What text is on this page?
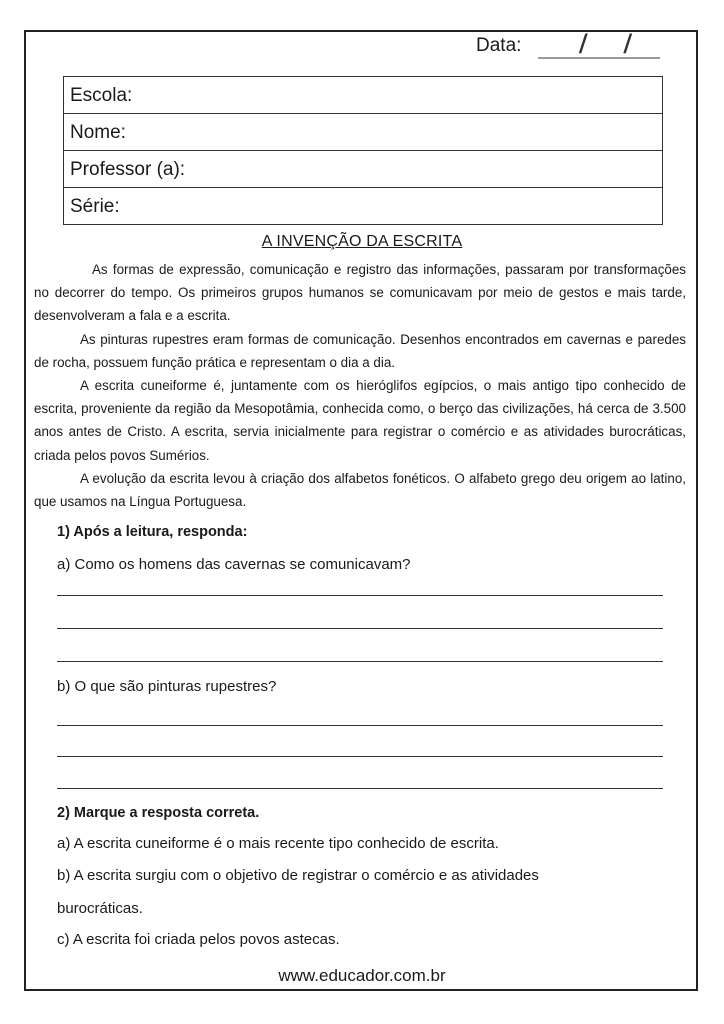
Data: / /
Escola:
Nome:
Professor (a):
Série:
A INVENÇÃO DA ESCRITA

As formas de expressão, comunicação e registro das informações, passaram por transformações no decorrer do tempo. Os primeiros grupos humanos se comunicavam por meio de gestos e mais tarde, desenvolveram a fala e a escrita.

As pinturas rupestres eram formas de comunicação. Desenhos encontrados em cavernas e paredes de rocha, possuem função prática e representam o dia a dia.

A escrita cuneiforme é, juntamente com os hieróglifos egípcios, o mais antigo tipo conhecido de escrita, proveniente da região da Mesopotâmia, conhecida como, o berço das civilizações, há cerca de 3.500 anos antes de Cristo. A escrita, servia inicialmente para registrar o comércio e as atividades burocráticas, criada pelos povos Sumérios.

A evolução da escrita levou à criação dos alfabetos fonéticos. O alfabeto grego deu origem ao latino, que usamos na Língua Portuguesa.

1) Após a leitura, responda:
a) Como os homens das cavernas se comunicavam?
b) O que são pinturas rupestres?
2) Marque a resposta correta.
a) A escrita cuneiforme é o mais recente tipo conhecido de escrita.
b) A escrita surgiu com o objetivo de registrar o comércio e as atividades
burocráticas.
c) A escrita foi criada pelos povos astecas.
www.educador.com.br
